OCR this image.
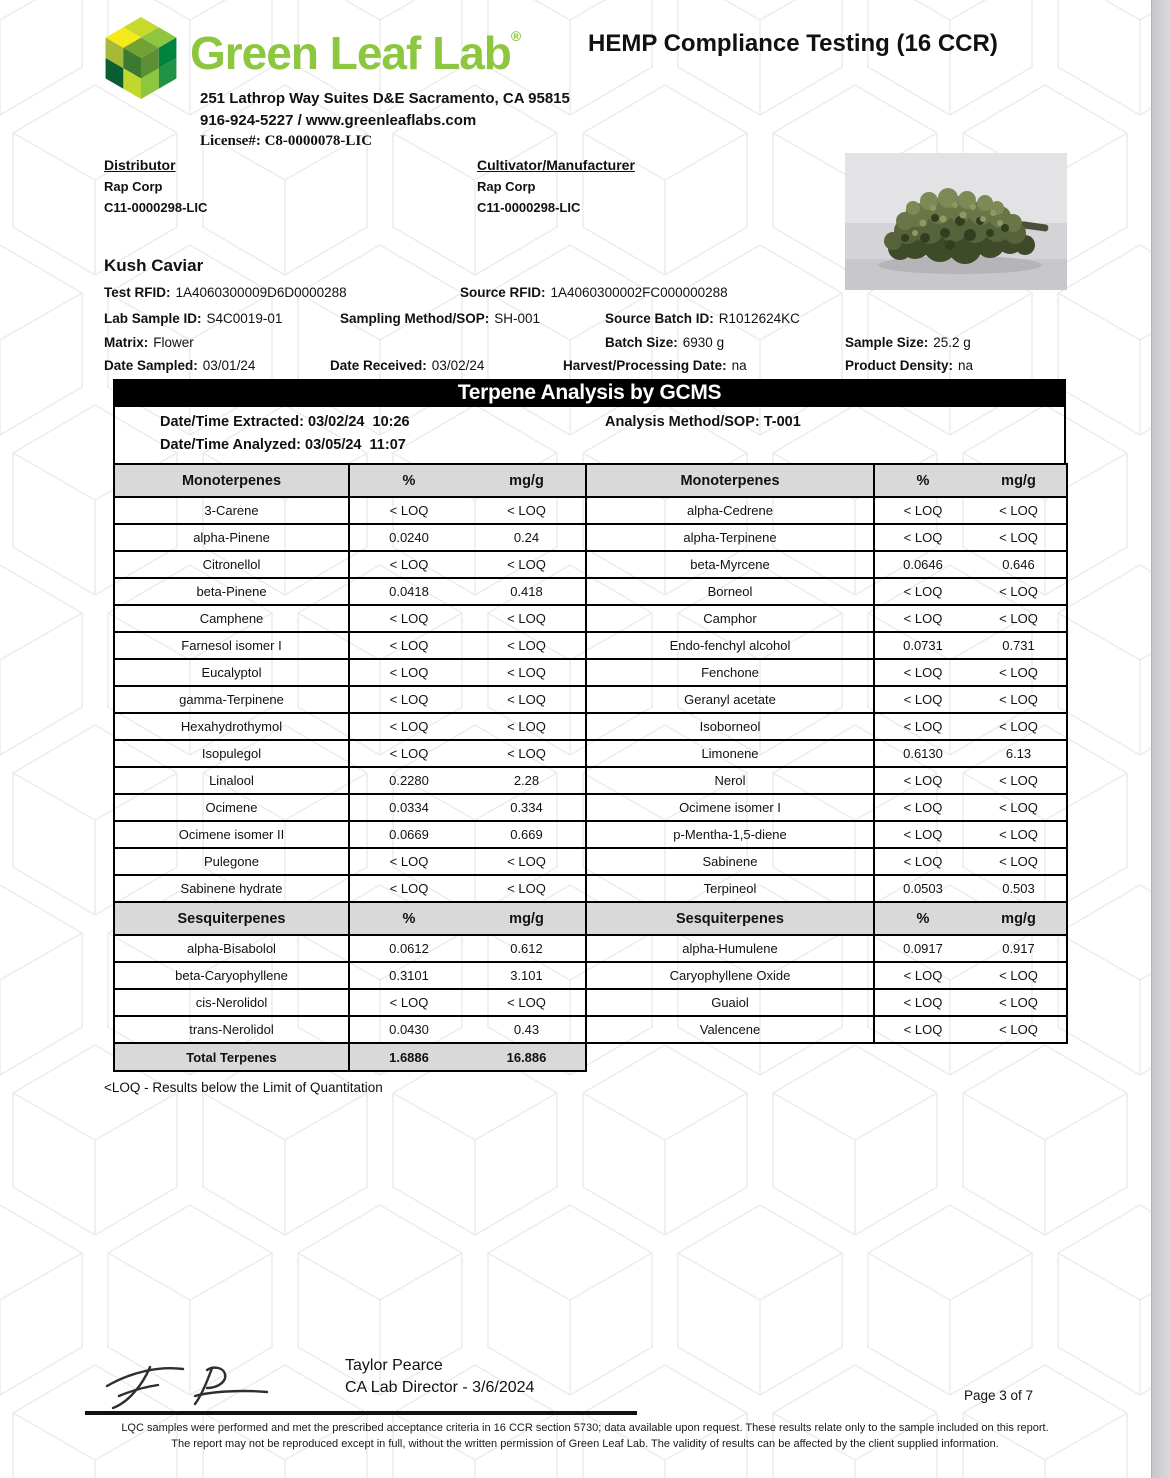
Green Leaf Lab®
251 Lathrop Way Suites D&E Sacramento, CA 95815
916-924-5227 / www.greenleaflabs.com
License#: C8-0000078-LIC
HEMP Compliance Testing (16 CCR)
Distributor
Rap Corp
C11-0000298-LIC
Cultivator/Manufacturer
Rap Corp
C11-0000298-LIC
Kush Caviar
Test RFID: 1A4060300009D6D0000288	Source RFID: 1A4060300002FC000000288
Lab Sample ID: S4C0019-01	Sampling Method/SOP: SH-001	Source Batch ID: R1012624KC
Matrix: Flower	Batch Size: 6930 g	Sample Size: 25.2 g
Date Sampled: 03/01/24	Date Received: 03/02/24	Harvest/Processing Date: na	Product Density: na
Terpene Analysis by GCMS
Date/Time Extracted: 03/02/24  10:26	Analysis Method/SOP: T-001
Date/Time Analyzed: 03/05/24  11:07
Monoterpenes	%	mg/g	Monoterpenes	%	mg/g
3-Carene	< LOQ	< LOQ	alpha-Cedrene	< LOQ	< LOQ
alpha-Pinene	0.0240	0.24	alpha-Terpinene	< LOQ	< LOQ
Citronellol	< LOQ	< LOQ	beta-Myrcene	0.0646	0.646
beta-Pinene	0.0418	0.418	Borneol	< LOQ	< LOQ
Camphene	< LOQ	< LOQ	Camphor	< LOQ	< LOQ
Farnesol isomer I	< LOQ	< LOQ	Endo-fenchyl alcohol	0.0731	0.731
Eucalyptol	< LOQ	< LOQ	Fenchone	< LOQ	< LOQ
gamma-Terpinene	< LOQ	< LOQ	Geranyl acetate	< LOQ	< LOQ
Hexahydrothymol	< LOQ	< LOQ	Isoborneol	< LOQ	< LOQ
Isopulegol	< LOQ	< LOQ	Limonene	0.6130	6.13
Linalool	0.2280	2.28	Nerol	< LOQ	< LOQ
Ocimene	0.0334	0.334	Ocimene isomer I	< LOQ	< LOQ
Ocimene isomer II	0.0669	0.669	p-Mentha-1,5-diene	< LOQ	< LOQ
Pulegone	< LOQ	< LOQ	Sabinene	< LOQ	< LOQ
Sabinene hydrate	< LOQ	< LOQ	Terpineol	0.0503	0.503
Sesquiterpenes	%	mg/g	Sesquiterpenes	%	mg/g
alpha-Bisabolol	0.0612	0.612	alpha-Humulene	0.0917	0.917
beta-Caryophyllene	0.3101	3.101	Caryophyllene Oxide	< LOQ	< LOQ
cis-Nerolidol	< LOQ	< LOQ	Guaiol	< LOQ	< LOQ
trans-Nerolidol	0.0430	0.43	Valencene	< LOQ	< LOQ
Total Terpenes	1.6886	16.886			
<LOQ - Results below the Limit of Quantitation
Taylor Pearce
CA Lab Director - 3/6/2024	Page 3 of 7
LQC samples were performed and met the prescribed acceptance criteria in 16 CCR section 5730; data available upon request. These results relate only to the sample included on this report.
The report may not be reproduced except in full, without the written permission of Green Leaf Lab. The validity of results can be affected by the client supplied information.
